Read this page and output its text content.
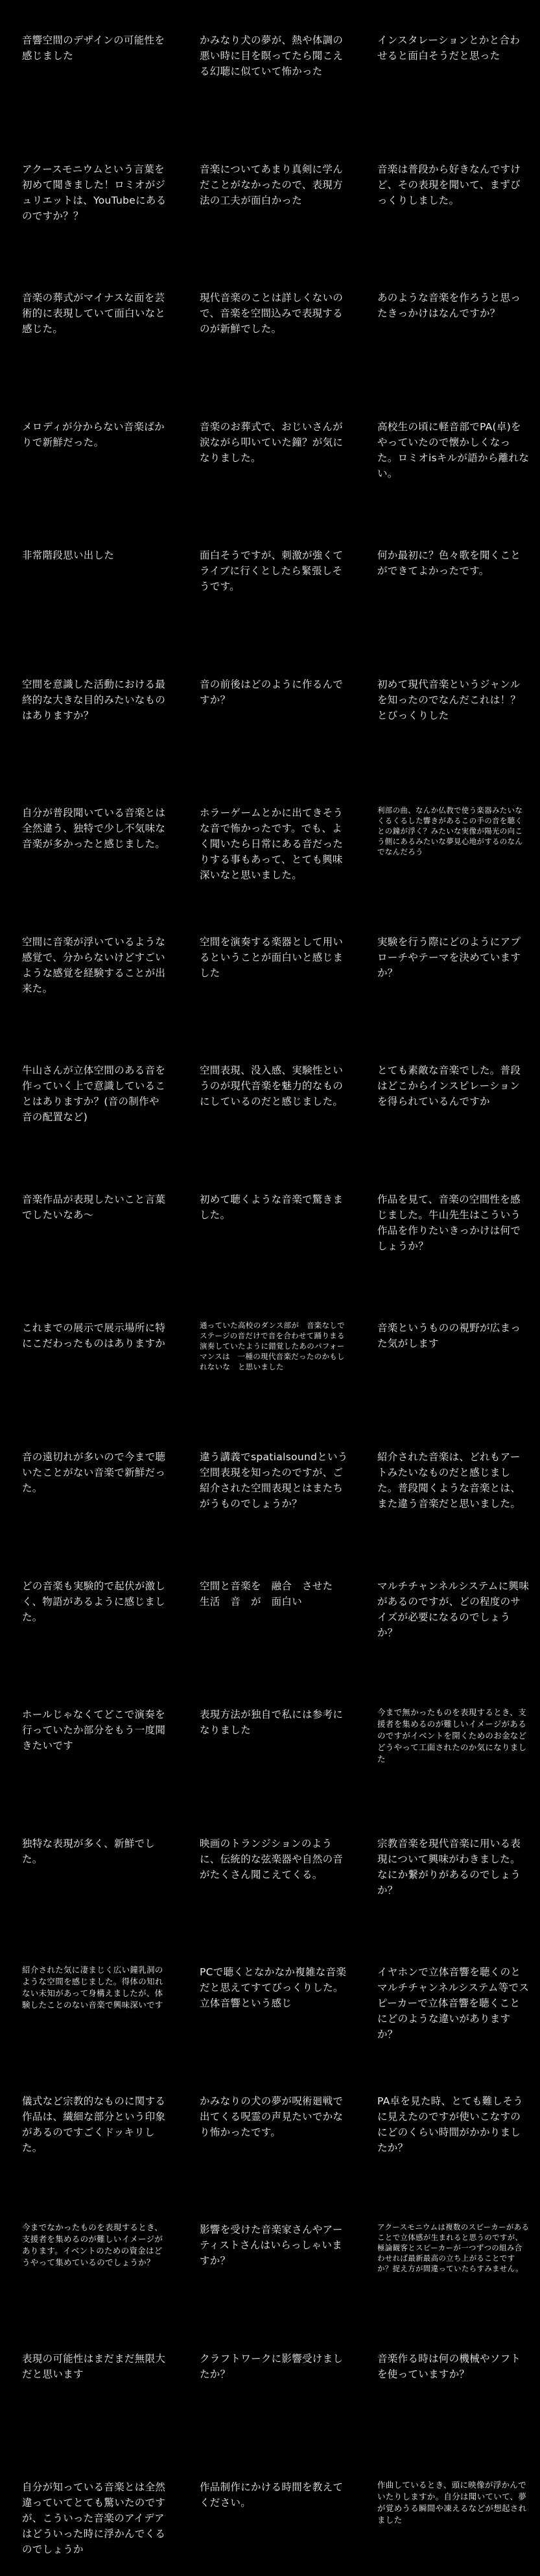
音響空間のデザインの可能性を感じました

かみなり犬の夢が、熱や体調の悪い時に目を瞑ってたら聞こえる幻聴に似ていて怖かった

インスタレーションとかと合わせると面白そうだと思った

アクースモニウムという言葉を初めて聞きました！ロミオがジュリエットは、YouTubeにあるのですか？？

音楽についてあまり真剣に学んだことがなかったので、表現方法の工夫が面白かった

音楽は普段から好きなんですけど、その表現を聞いて、まずびっくりしました。

音楽の葬式がマイナスな面を芸術的に表現していて面白いなと感じた。

現代音楽のことは詳しくないので、音楽を空間込みで表現するのが新鮮でした。

あのような音楽を作ろうと思ったきっかけはなんですか？

メロディが分からない音楽ばかりで新鮮だった。

音楽のお葬式で、おじいさんが涙ながら叩いていた鐘？が気になりました。

高校生の頃に軽音部でPA(卓)をやっていたので懐かしくなった。ロミオisキルが語から離れない。

非常階段思い出した	面白そうですが、刺激が強くてライブに行くとしたら緊張しそうです。

何か最初に？色々歌を聞くことができてよかったです。

空間を意識した活動における最終的な大きな目的みたいなものはありますか？

音の前後はどのように作るんですか？

初めて現代音楽というジャンルを知ったのでなんだこれは！？とびっくりした

自分が普段聞いている音楽とは全然違う、独特で少し不気味な音楽が多かったと感じました。

ホラーゲームとかに出てきそうな音で怖かったです。でも、よく聞いたら日常にある音だったりする事もあって、とても興味深いなと思いました。

利部の曲、なんか仏教で使う楽器みたいなくるくるした響きがあるこの手の音を聴くとの鐘が浮く？みたいな実像が陽光の向こう側にあるみたいな夢見心地がするのなんでなんだろう

空間に音楽が浮いているような感覚で、分からないけどすごいような感覚を経験することが出来た。

空間を演奏する楽器として用いるということが面白いと感じました

実験を行う際にどのようにアプローチやテーマを決めていますか？

牛山さんが立体空間のある音を作っていく上で意識していることはありますか？(音の制作や音の配置など)

空間表現、没入感、実験性というのが現代音楽を魅力的なものにしているのだと感じました。

とても素敵な音楽でした。普段はどこからインスピレーションを得られているんですか

音楽作品が表現したいこと言葉でしたいなあ〜

初めて聴くような音楽で驚きました。

作品を見て、音楽の空間性を感じました。牛山先生はこういう作品を作りたいきっかけは何でしょうか？

これまでの展示で展示場所に特にこだわったものはありますか

通っていた高校のダンス部が　音楽なしでステージの音だけで音を合わせて踊りまる演奏していたように錯覚したあのパフォーマンスは　一種の現代音楽だったのかもしれないな　と思いました

音楽というものの視野が広まった気がします

音の遠切れが多いので今まで聴いたことがない音楽で新鮮だった。

違う講義でspatialsoundという空間表現を知ったのですが、ご紹介された空間表現とはまたちがうものでしょうか？

紹介された音楽は、どれもアートみたいなものだと感じました。普段聞くような音楽とは、また違う音楽だと思いました。

どの音楽も実験的で起伏が激しく、物語があるように感じました。

空間と音楽を　融合　させた　生活　音　が　面白い

マルチチャンネルシステムに興味があるのですが、どの程度のサイズが必要になるのでしょうか？

ホールじゃなくてどこで演奏を行っていたか部分をもう一度聞きたいです

表現方法が独自で私には参考になりました

今まで無かったものを表現するとき、支援者を集めるのが難しいイメージがあるのですがイベントを開くためのお金などどうやって工面されたのか気になりました

独特な表現が多く、新鮮でした。

映画のトランジションのように、伝統的な弦楽器や自然の音がたくさん聞こえてくる。

宗教音楽を現代音楽に用いる表現について興味がわきました。なにか繋がりがあるのでしょうか？

紹介された気に凄まじく広い鐘乳洞のような空間を感じました。得体の知れない未知があって身構えましたが、体験したことのない音楽で興味深いです

PCで聴くとなかなか複雑な音楽だと思えてすてびっくりした。立体音響という感じ

イヤホンで立体音響を聴くのとマルチチャンネルシステム等でスピーカーで立体音響を聴くことにどのような違いがありますか？

儀式など宗教的なものに関する作品は、繊細な部分という印象があるのですごくドッキリした。

かみなりの犬の夢が呪術廻戦で出てくる呪霊の声見たいでかなり怖かったです。

PA卓を見た時、とても難しそうに見えたのですが使いこなすのにどのくらい時間がかかりましたか？

今までなかったものを表現するとき、支援者を集めるのが難しいイメージがあります。イベントのための資金はどうやって集めているのでしょうか？

影響を受けた音楽家さんやアーティストさんはいらっしゃいますか？

アクースモニウムは複数のスピーカーがあることで立体感が生まれると思うのですが、極論観客とスピーカーが一つずつの組み合わせれば最新最高の立ち上がることですか？捉え方が間違っていたらすみません。

表現の可能性はまだまだ無限大だと思います

クラフトワークに影響受けましたか？

音楽作る時は何の機械やソフトを使っていますか？

自分が知っている音楽とは全然違っていてとても驚いたのですが、こういった音楽のアイデアはどういった時に浮かんでくるのでしょうか

作品制作にかける時間を教えてください。

作曲しているとき、頭に映像が浮かんでいたりしますか。自分は聞いていて、夢が覚めうる瞬間や凍えるなどが想起されました
